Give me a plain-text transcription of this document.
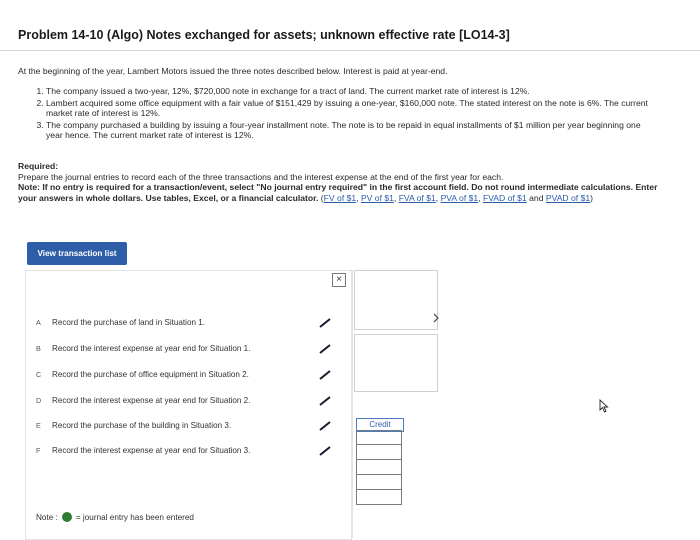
Problem 14-10 (Algo) Notes exchanged for assets; unknown effective rate [LO14-3]
At the beginning of the year, Lambert Motors issued the three notes described below. Interest is paid at year-end.
1. The company issued a two-year, 12%, $720,000 note in exchange for a tract of land. The current market rate of interest is 12%.
2. Lambert acquired some office equipment with a fair value of $151,429 by issuing a one-year, $160,000 note. The stated interest on the note is 6%. The current market rate of interest is 12%.
3. The company purchased a building by issuing a four-year installment note. The note is to be repaid in equal installments of $1 million per year beginning one year hence. The current market rate of interest is 12%.
Required:
Prepare the journal entries to record each of the three transactions and the interest expense at the end of the first year for each.
Note: If no entry is required for a transaction/event, select "No journal entry required" in the first account field. Do not round intermediate calculations. Enter your answers in whole dollars. Use tables, Excel, or a financial calculator. (FV of $1, PV of $1, FVA of $1, PVA of $1, FVAD of $1 and PVAD of $1)
View transaction list
×
A	Record the purchase of land in Situation 1.
B	Record the interest expense at year end for Situation 1.
C	Record the purchase of office equipment in Situation 2.
D	Record the interest expense at year end for Situation 2.
E	Record the purchase of the building in Situation 3.
F	Record the interest expense at year end for Situation 3.
Credit
Note : = journal entry has been entered
